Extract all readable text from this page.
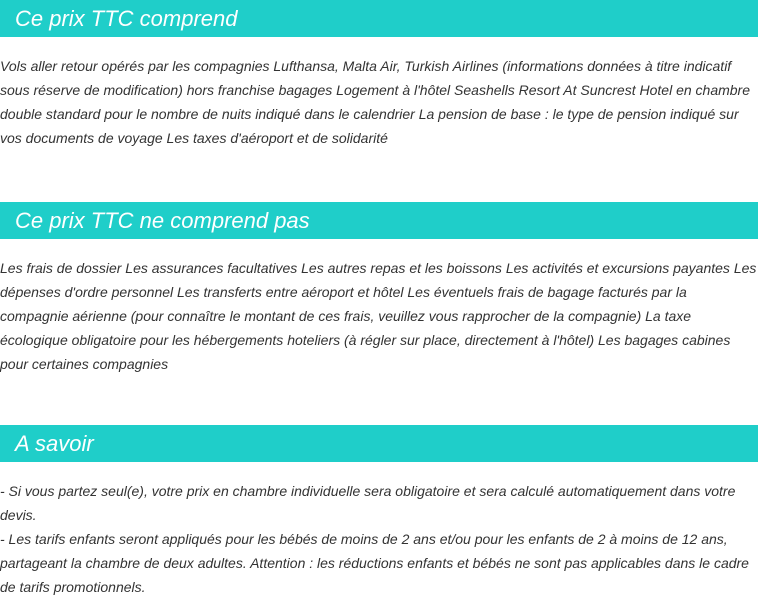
Ce prix TTC comprend

Vols aller retour opérés par les compagnies Lufthansa, Malta Air, Turkish Airlines (informations données à titre indicatif sous réserve de modification) hors franchise bagages Logement à l'hôtel Seashells Resort At Suncrest Hotel en chambre double standard pour le nombre de nuits indiqué dans le calendrier La pension de base : le type de pension indiqué sur vos documents de voyage Les taxes d'aéroport et de solidarité

Ce prix TTC ne comprend pas

Les frais de dossier Les assurances facultatives Les autres repas et les boissons Les activités et excursions payantes Les dépenses d'ordre personnel Les transferts entre aéroport et hôtel Les éventuels frais de bagage facturés par la compagnie aérienne (pour connaître le montant de ces frais, veuillez vous rapprocher de la compagnie) La taxe écologique obligatoire pour les hébergements hoteliers (à régler sur place, directement à l'hôtel) Les bagages cabines pour certaines compagnies

A savoir
- Si vous partez seul(e), votre prix en chambre individuelle sera obligatoire et sera calculé automatiquement dans votre devis.
- Les tarifs enfants seront appliqués pour les bébés de moins de 2 ans et/ou pour les enfants de 2 à moins de 12 ans, partageant la chambre de deux adultes. Attention : les réductions enfants et bébés ne sont pas applicables dans le cadre de tarifs promotionnels.
